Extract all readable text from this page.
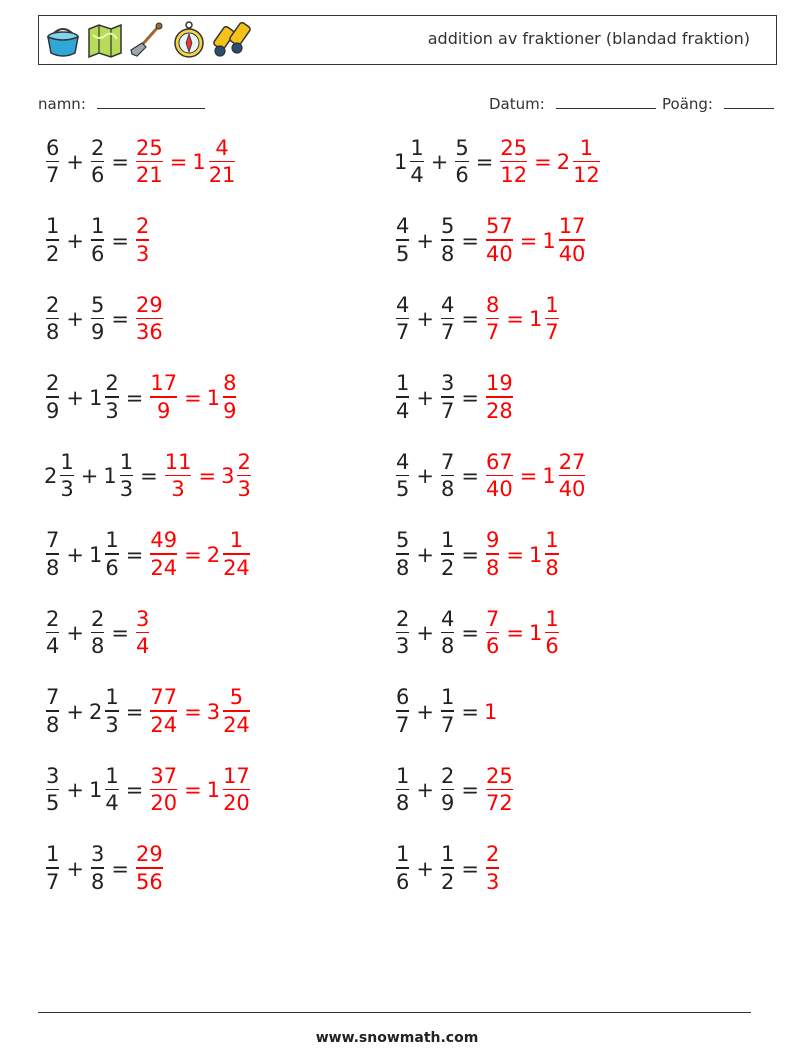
addition av fraktioner (blandad fraktion)
namn:	Datum:	Poäng:
$\frac{6}{7} + \frac{2}{6} = \frac{25}{21} = 1 \frac{4}{21}$
$\frac{1}{2} + \frac{1}{6} = \frac{2}{3}$
$\frac{2}{8} + \frac{5}{9} = \frac{29}{36}$
$\frac{2}{9} + 1 \frac{2}{3} = \frac{17}{9} = 1 \frac{8}{9}$
$2 \frac{1}{3} + 1 \frac{1}{3} = \frac{11}{3} = 3 \frac{2}{3}$
$\frac{7}{8} + 1 \frac{1}{6} = \frac{49}{24} = 2 \frac{1}{24}$
$\frac{2}{4} + \frac{2}{8} = \frac{3}{4}$
$\frac{7}{8} + 2 \frac{1}{3} = \frac{77}{24} = 3 \frac{5}{24}$
$\frac{3}{5} + 1 \frac{1}{4} = \frac{37}{20} = 1 \frac{17}{20}$
$\frac{1}{7} + \frac{3}{8} = \frac{29}{56}$
$1 \frac{1}{4} + \frac{5}{6} = \frac{25}{12} = 2 \frac{1}{12}$
$\frac{4}{5} + \frac{5}{8} = \frac{57}{40} = 1 \frac{17}{40}$
$\frac{4}{7} + \frac{4}{7} = \frac{8}{7} = 1 \frac{1}{7}$
$\frac{1}{4} + \frac{3}{7} = \frac{19}{28}$
$\frac{4}{5} + \frac{7}{8} = \frac{67}{40} = 1 \frac{27}{40}$
$\frac{5}{8} + \frac{1}{2} = \frac{9}{8} = 1 \frac{1}{8}$
$\frac{2}{3} + \frac{4}{8} = \frac{7}{6} = 1 \frac{1}{6}$
$\frac{6}{7} + \frac{1}{7} = 1$
$\frac{1}{8} + \frac{2}{9} = \frac{25}{72}$
$\frac{1}{6} + \frac{1}{2} = \frac{2}{3}$
www.snowmath.com
